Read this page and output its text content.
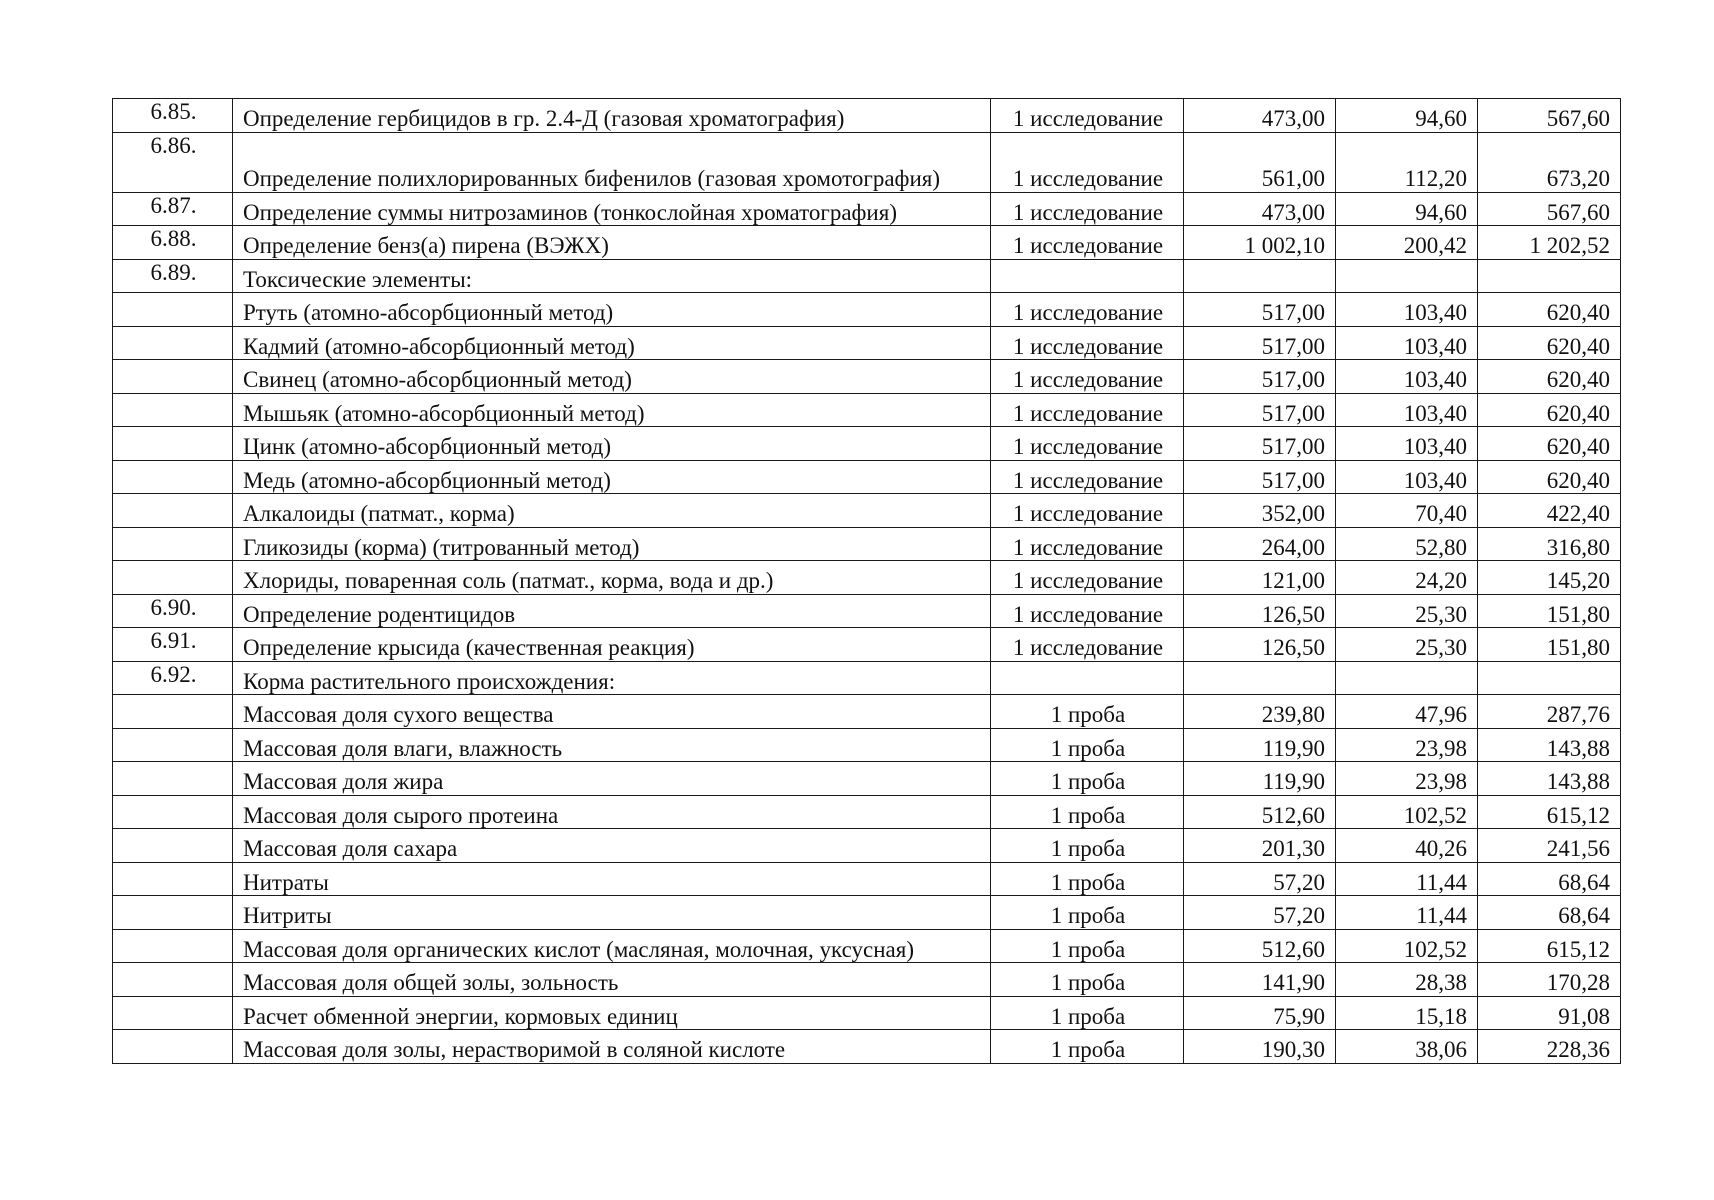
6.85.	Определение гербицидов в гр. 2.4-Д (газовая хроматография)	1 исследование	473,00	94,60	567,60
6.86.	Определение полихлорированных бифенилов (газовая хромотография)	1 исследование	561,00	112,20	673,20
6.87.	Определение суммы нитрозаминов (тонкослойная хроматография)	1 исследование	473,00	94,60	567,60
6.88.	Определение бенз(а) пирена (ВЭЖХ)	1 исследование	1 002,10	200,42	1 202,52
6.89.	Токсические элементы:				
	Ртуть (атомно-абсорбционный метод)	1 исследование	517,00	103,40	620,40
	Кадмий (атомно-абсорбционный метод)	1 исследование	517,00	103,40	620,40
	Свинец (атомно-абсорбционный метод)	1 исследование	517,00	103,40	620,40
	Мышьяк (атомно-абсорбционный метод)	1 исследование	517,00	103,40	620,40
	Цинк (атомно-абсорбционный метод)	1 исследование	517,00	103,40	620,40
	Медь (атомно-абсорбционный метод)	1 исследование	517,00	103,40	620,40
	Алкалоиды (патмат., корма)	1 исследование	352,00	70,40	422,40
	Гликозиды (корма) (титрованный метод)	1 исследование	264,00	52,80	316,80
	Хлориды, поваренная соль (патмат., корма, вода и др.)	1 исследование	121,00	24,20	145,20
6.90.	Определение родентицидов	1 исследование	126,50	25,30	151,80
6.91.	Определение крысида (качественная реакция)	1 исследование	126,50	25,30	151,80
6.92.	Корма растительного происхождения:				
	Массовая доля сухого вещества	1 проба	239,80	47,96	287,76
	Массовая доля влаги, влажность	1 проба	119,90	23,98	143,88
	Массовая доля жира	1 проба	119,90	23,98	143,88
	Массовая доля сырого протеина	1 проба	512,60	102,52	615,12
	Массовая доля сахара	1 проба	201,30	40,26	241,56
	Нитраты	1 проба	57,20	11,44	68,64
	Нитриты	1 проба	57,20	11,44	68,64
	Массовая доля органических кислот (масляная, молочная, уксусная)	1 проба	512,60	102,52	615,12
	Массовая доля общей золы, зольность	1 проба	141,90	28,38	170,28
	Расчет обменной энергии, кормовых единиц	1 проба	75,90	15,18	91,08
	Массовая доля золы, нерастворимой в соляной кислоте	1 проба	190,30	38,06	228,36
